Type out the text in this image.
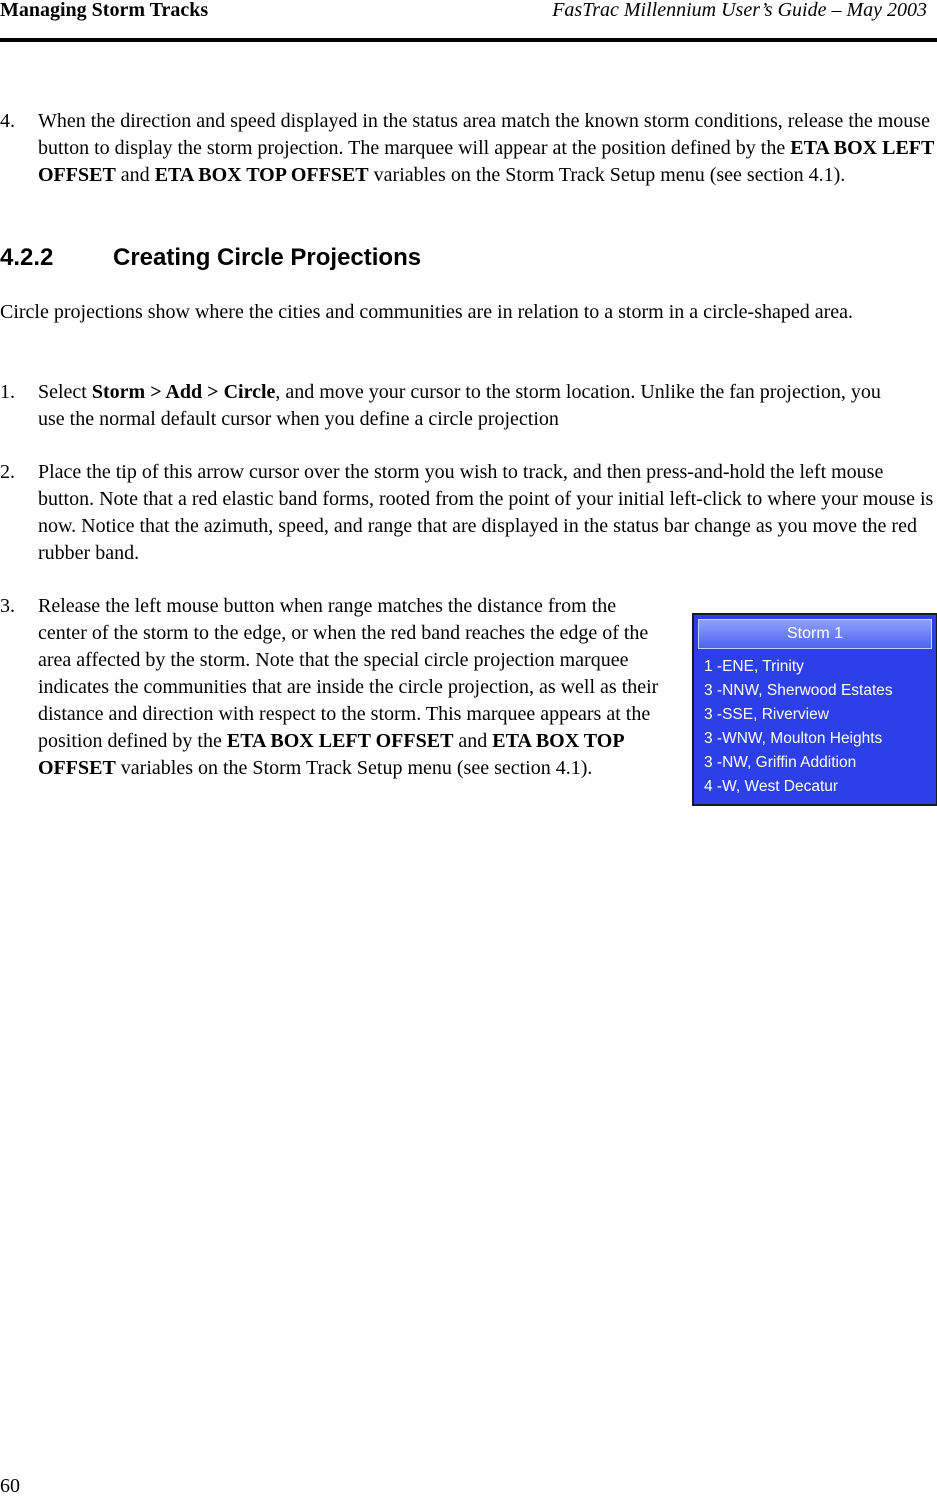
Managing Storm Tracks	FasTrac Millennium User’s Guide – May 2003
4. When the direction and speed displayed in the status area match the known storm conditions, release the mouse button to display the storm projection. The marquee will appear at the position defined by the ETA BOX LEFT OFFSET and ETA BOX TOP OFFSET variables on the Storm Track Setup menu (see section 4.1).
4.2.2 Creating Circle Projections
Circle projections show where the cities and communities are in relation to a storm in a circle-shaped area.
1. Select Storm > Add > Circle, and move your cursor to the storm location. Unlike the fan projection, you use the normal default cursor when you define a circle projection
2. Place the tip of this arrow cursor over the storm you wish to track, and then press-and-hold the left mouse button. Note that a red elastic band forms, rooted from the point of your initial left-click to where your mouse is now. Notice that the azimuth, speed, and range that are displayed in the status bar change as you move the red rubber band.
3. Release the left mouse button when range matches the distance from the center of the storm to the edge, or when the red band reaches the edge of the area affected by the storm. Note that the special circle projection marquee indicates the communities that are inside the circle projection, as well as their distance and direction with respect to the storm. This marquee appears at the position defined by the ETA BOX LEFT OFFSET and ETA BOX TOP OFFSET variables on the Storm Track Setup menu (see section 4.1).
Storm 1
1 -ENE, Trinity
3 -NNW, Sherwood Estates
3 -SSE, Riverview
3 -WNW, Moulton Heights
3 -NW, Griffin Addition
4 -W, West Decatur
60
